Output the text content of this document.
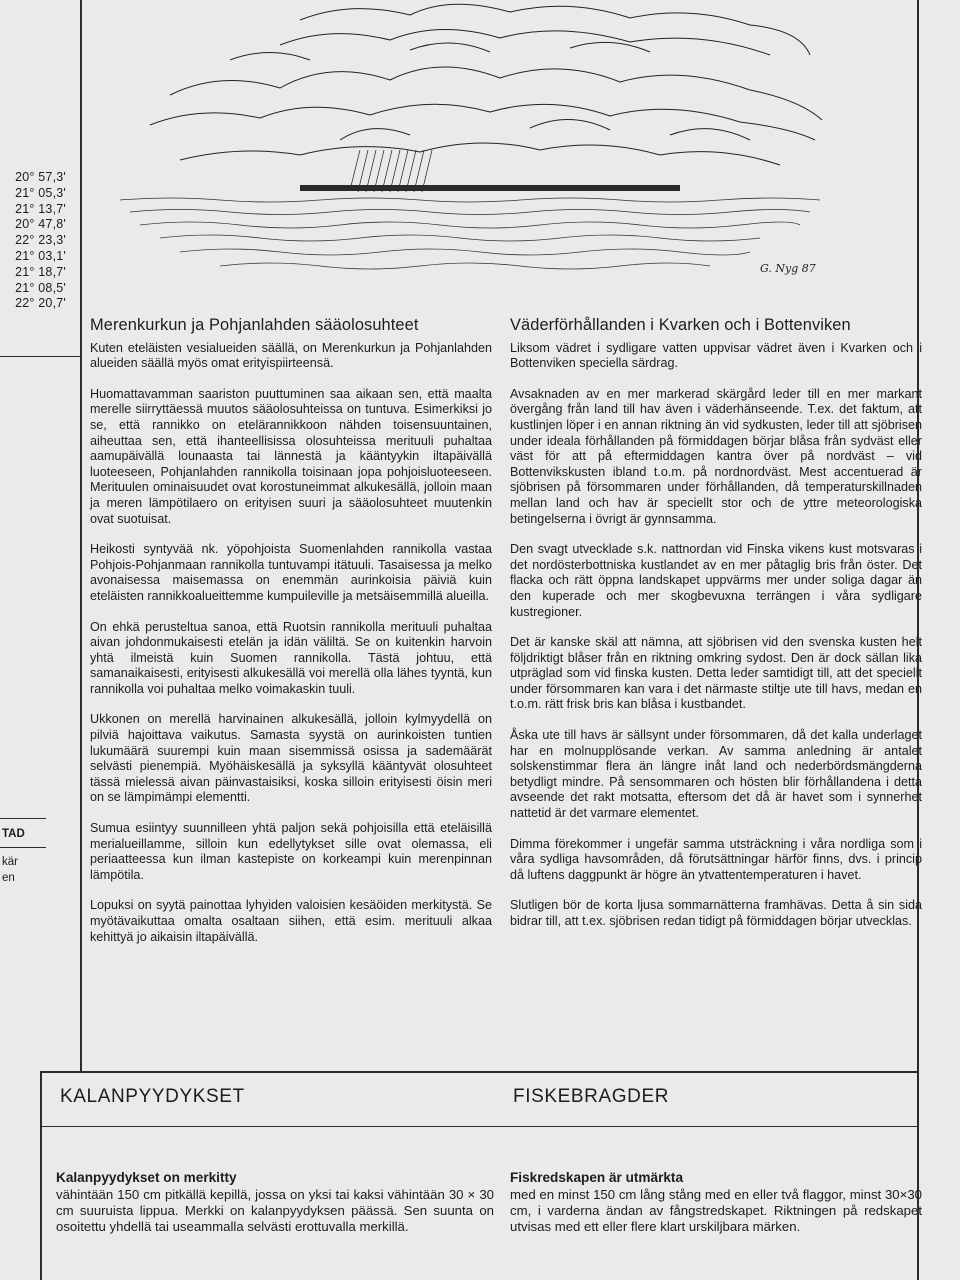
20° 57,3'
21° 05,3'
21° 13,7'
20° 47,8'
22° 23,3'
21° 03,1'
21° 18,7'
21° 08,5'
22° 20,7'
TAD
kär
en
G. Nyg 87
Merenkurkun ja Pohjanlahden sääolosuhteet

Kuten eteläisten vesialueiden säällä, on Merenkurkun ja Pohjanlahden alueiden säällä myös omat erityispiirteensä.

Huomattavamman saariston puuttuminen saa aikaan sen, että maalta merelle siirryttäessä muutos sääolosuhteissa on tuntuva. Esimerkiksi jo se, että rannikko on etelärannikkoon nähden toisensuuntainen, aiheuttaa sen, että ihanteellisissa olosuhteissa merituuli puhaltaa aamupäivällä lounaasta tai lännestä ja kääntyykin iltapäivällä luoteeseen, Pohjanlahden rannikolla toisinaan jopa pohjoisluoteeseen. Merituulen ominaisuudet ovat korostuneimmat alkukesällä, jolloin maan ja meren lämpötilaero on erityisen suuri ja sääolosuhteet muutenkin ovat suotuisat.

Heikosti syntyvää nk. yöpohjoista Suomenlahden rannikolla vastaa Pohjois-Pohjanmaan rannikolla tuntuvampi itätuuli. Tasaisessa ja melko avonaisessa maisemassa on enemmän aurinkoisia päiviä kuin eteläisten rannikkoalueittemme kumpuileville ja metsäisemmillä alueilla.

On ehkä perusteltua sanoa, että Ruotsin rannikolla merituuli puhaltaa aivan johdonmukaisesti etelän ja idän väliltä. Se on kuitenkin harvoin yhtä ilmeistä kuin Suomen rannikolla. Tästä johtuu, että samanaikaisesti, erityisesti alkukesällä voi merellä olla lähes tyyntä, kun rannikolla voi puhaltaa melko voimakaskin tuuli.

Ukkonen on merellä harvinainen alkukesällä, jolloin kylmyydellä on pilviä hajoittava vaikutus. Samasta syystä on aurinkoisten tuntien lukumäärä suurempi kuin maan sisemmissä osissa ja sademäärät selvästi pienempiä. Myöhäiskesällä ja syksyllä kääntyvät olosuhteet tässä mielessä aivan päinvastaisiksi, koska silloin erityisesti öisin meri on se lämpimämpi elementti.

Sumua esiintyy suunnilleen yhtä paljon sekä pohjoisilla että eteläisillä merialueillamme, silloin kun edellytykset sille ovat olemassa, eli periaatteessa kun ilman kastepiste on korkeampi kuin merenpinnan lämpötila.

Lopuksi on syytä painottaa lyhyiden valoisien kesäöiden merkitystä. Se myötävaikuttaa omalta osaltaan siihen, että esim. merituuli alkaa kehittyä jo aikaisin iltapäivällä.

Väderförhållanden i Kvarken och i Bottenviken

Liksom vädret i sydligare vatten uppvisar vädret även i Kvarken och i Bottenviken speciella särdrag.

Avsaknaden av en mer markerad skärgård leder till en mer markant övergång från land till hav även i väderhänseende. T.ex. det faktum, att kustlinjen löper i en annan riktning än vid sydkusten, leder till att sjöbrisen under ideala förhållanden på förmiddagen börjar blåsa från sydväst eller väst för att på eftermiddagen kantra över på nordväst – vid Bottenvikskusten ibland t.o.m. på nordnordväst. Mest accentuerad är sjöbrisen på försommaren under förhållanden, då temperaturskillnaden mellan land och hav är speciellt stor och de yttre meteorologiska betingelserna i övrigt är gynnsamma.

Den svagt utvecklade s.k. nattnordan vid Finska vikens kust motsvaras i det nordösterbottniska kustlandet av en mer påtaglig bris från öster. Det flacka och rätt öppna landskapet uppvärms mer under soliga dagar än den kuperade och mer skogbevuxna terrängen i våra sydligare kustregioner.

Det är kanske skäl att nämna, att sjöbrisen vid den svenska kusten helt följdriktigt blåser från en riktning omkring sydost. Den är dock sällan lika utpräglad som vid finska kusten. Detta leder samtidigt till, att det speciellt under försommaren kan vara i det närmaste stiltje ute till havs, medan en t.o.m. rätt frisk bris kan blåsa i kustbandet.

Åska ute till havs är sällsynt under försommaren, då det kalla underlaget har en molnupplösande verkan. Av samma anledning är antalet solskenstimmar flera än längre inåt land och nederbördsmängderna betydligt mindre. På sensommaren och hösten blir förhållandena i detta avseende det rakt motsatta, eftersom det då är havet som i synnerhet nattetid är det varmare elementet.

Dimma förekommer i ungefär samma utsträckning i våra nordliga som i våra sydliga havsområden, då förutsättningar härför finns, dvs. i princip då luftens daggpunkt är högre än ytvattentemperaturen i havet.

Slutligen bör de korta ljusa sommarnätterna framhävas. Detta å sin sida bidrar till, att t.ex. sjöbrisen redan tidigt på förmiddagen börjar utvecklas.

KALANPYYDYKSET	FISKEBRAGDER
Kalanpyydykset on merkitty

vähintään 150 cm pitkällä kepillä, jossa on yksi tai kaksi vähintään 30 × 30 cm suuruista lippua. Merkki on kalanpyydyksen päässä. Sen suunta on osoitettu yhdellä tai useammalla selvästi erottuvalla merkillä.

Fiskredskapen är utmärkta

med en minst 150 cm lång stång med en eller två flaggor, minst 30×30 cm, i varderna ändan av fångstredskapet. Riktningen på redskapet utvisas med ett eller flere klart urskiljbara märken.
